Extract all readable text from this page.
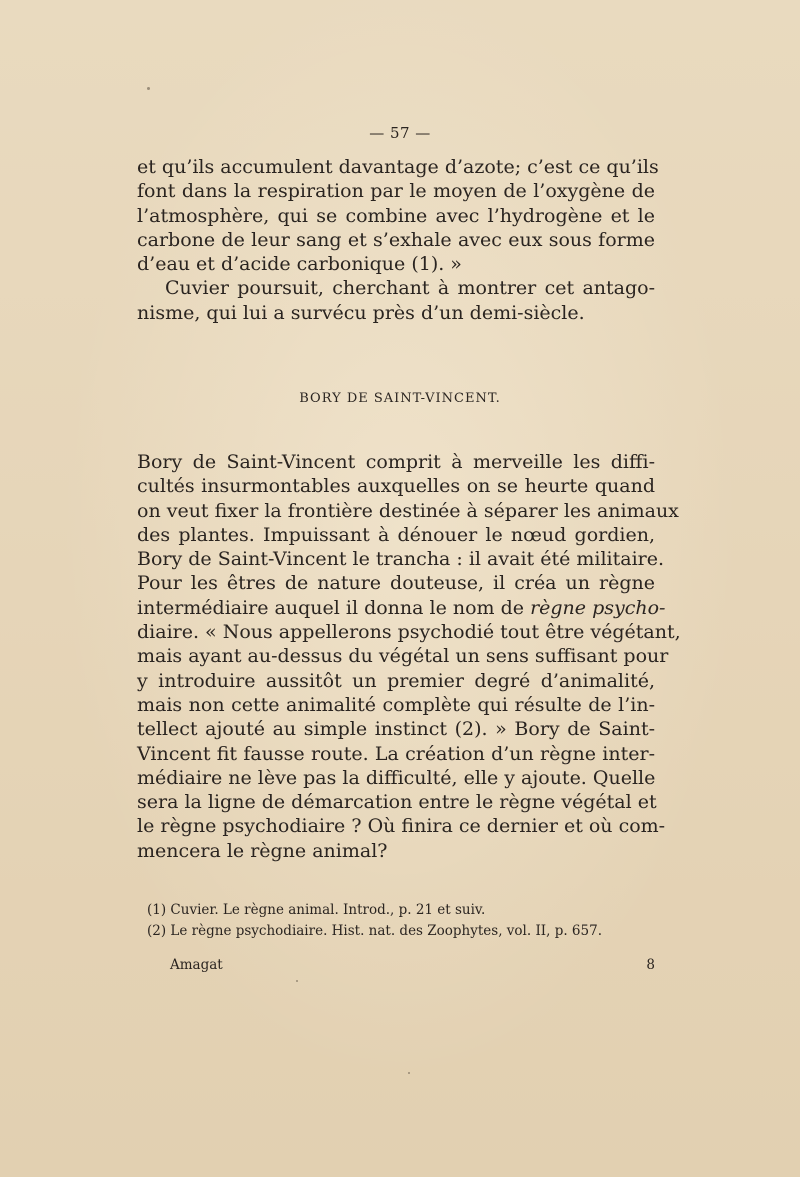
— 57 —
et qu’ils accumulent davantage d’azote; c’est ce qu’ils
font dans la respiration par le moyen de l’oxygène de
l’atmosphère, qui se combine avec l’hydrogène et le
carbone de leur sang et s’exhale avec eux sous forme
d’eau et d’acide carbonique (1). »
Cuvier poursuit, cherchant à montrer cet antago-
nisme, qui lui a survécu près d’un demi-siècle.
BORY DE SAINT-VINCENT.
Bory de Saint-Vincent comprit à merveille les diffi-
cultés insurmontables auxquelles on se heurte quand
on veut fixer la frontière destinée à séparer les animaux
des plantes. Impuissant à dénouer le nœud gordien,
Bory de Saint-Vincent le trancha : il avait été militaire.
Pour les êtres de nature douteuse, il créa un règne
intermédiaire auquel il donna le nom de règne psycho-
diaire. « Nous appellerons psychodié tout être végétant,
mais ayant au-dessus du végétal un sens suffisant pour
y introduire aussitôt un premier degré d’animalité,
mais non cette animalité complète qui résulte de l’in-
tellect ajouté au simple instinct (2). » Bory de Saint-
Vincent fit fausse route. La création d’un règne inter-
médiaire ne lève pas la difficulté, elle y ajoute. Quelle
sera la ligne de démarcation entre le règne végétal et
le règne psychodiaire ? Où finira ce dernier et où com-
mencera le règne animal?
(1) Cuvier. Le règne animal. Introd., p. 21 et suiv.
(2) Le règne psychodiaire. Hist. nat. des Zoophytes, vol. II, p. 657.
Amagat	8
